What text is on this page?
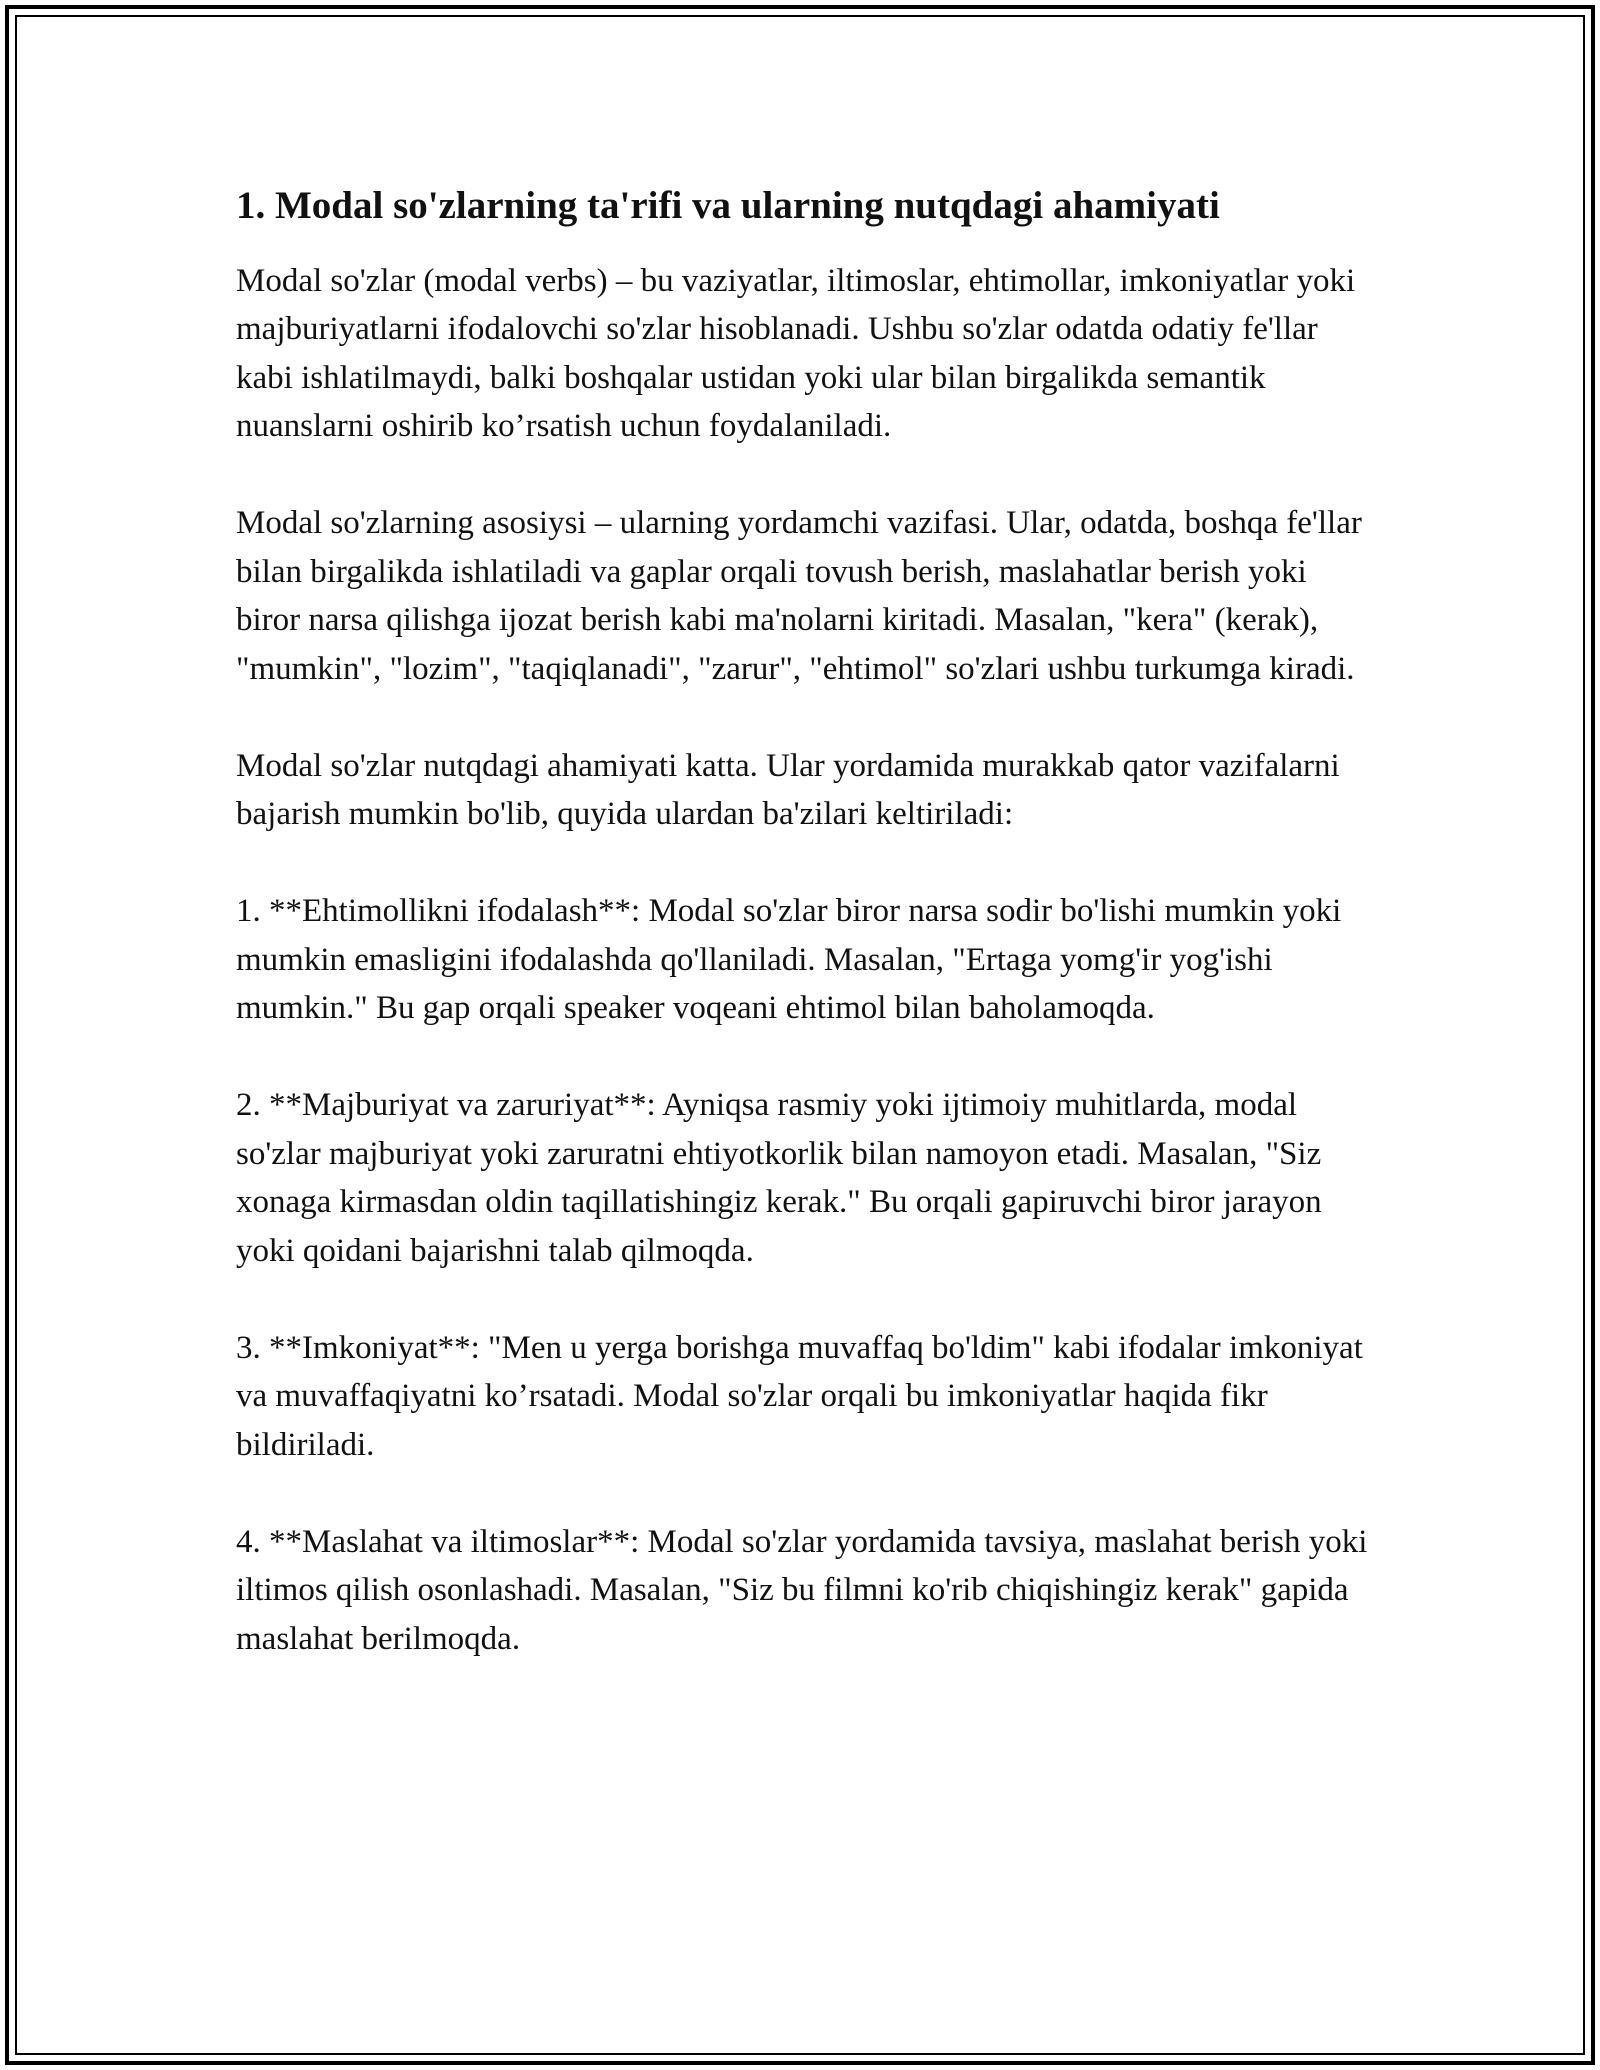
1. Modal so'zlarning ta'rifi va ularning nutqdagi ahamiyati

Modal so'zlar (modal verbs) – bu vaziyatlar, iltimoslar, ehtimollar, imkoniyatlar yoki majburiyatlarni ifodalovchi so'zlar hisoblanadi. Ushbu so'zlar odatda odatiy fe'llar kabi ishlatilmaydi, balki boshqalar ustidan yoki ular bilan birgalikda semantik nuanslarni oshirib ko’rsatish uchun foydalaniladi.

Modal so'zlarning asosiysi – ularning yordamchi vazifasi. Ular, odatda, boshqa fe'llar bilan birgalikda ishlatiladi va gaplar orqali tovush berish, maslahatlar berish yoki biror narsa qilishga ijozat berish kabi ma'nolarni kiritadi. Masalan, "kera" (kerak), "mumkin", "lozim", "taqiqlanadi", "zarur", "ehtimol" so'zlari ushbu turkumga kiradi.

Modal so'zlar nutqdagi ahamiyati katta. Ular yordamida murakkab qator vazifalarni bajarish mumkin bo'lib, quyida ulardan ba'zilari keltiriladi:

1. **Ehtimollikni ifodalash**: Modal so'zlar biror narsa sodir bo'lishi mumkin yoki mumkin emasligini ifodalashda qo'llaniladi. Masalan, "Ertaga yomg'ir yog'ishi mumkin." Bu gap orqali speaker voqeani ehtimol bilan baholamoqda.

2. **Majburiyat va zaruriyat**: Ayniqsa rasmiy yoki ijtimoiy muhitlarda, modal so'zlar majburiyat yoki zaruratni ehtiyotkorlik bilan namoyon etadi. Masalan, "Siz xonaga kirmasdan oldin taqillatishingiz kerak." Bu orqali gapiruvchi biror jarayon yoki qoidani bajarishni talab qilmoqda.

3. **Imkoniyat**: "Men u yerga borishga muvaffaq bo'ldim" kabi ifodalar imkoniyat va muvaffaqiyatni ko’rsatadi. Modal so'zlar orqali bu imkoniyatlar haqida fikr bildiriladi.

4. **Maslahat va iltimoslar**: Modal so'zlar yordamida tavsiya, maslahat berish yoki iltimos qilish osonlashadi. Masalan, "Siz bu filmni ko'rib chiqishingiz kerak" gapida maslahat berilmoqda.
